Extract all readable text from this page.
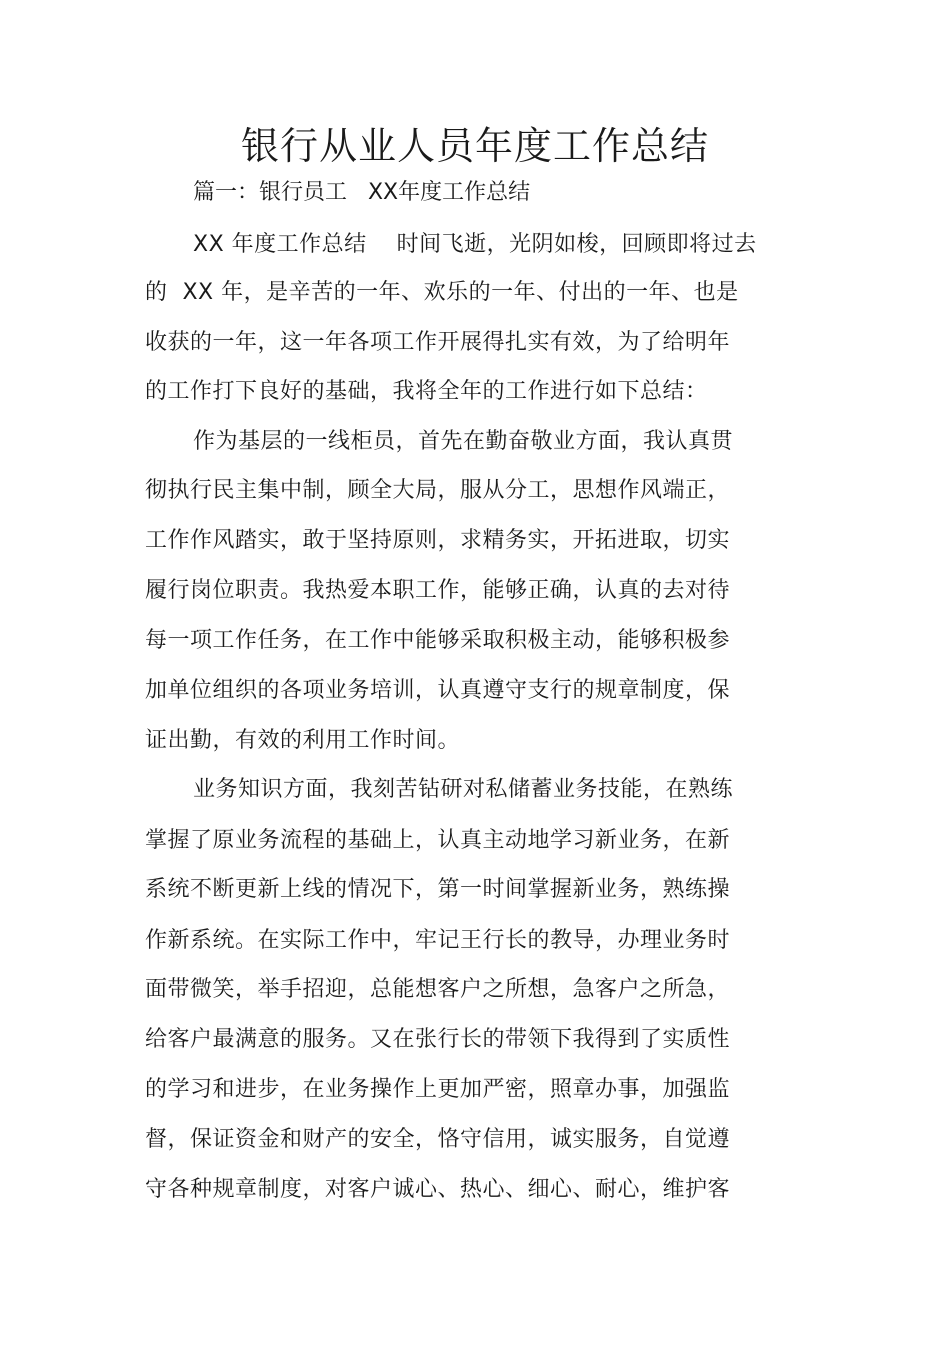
银行从业人员年度工作总结
篇一：银行员工   XX年度工作总结
XX 年度工作总结    时间飞逝，光阴如梭，回顾即将过去
的  XX 年，是辛苦的一年、欢乐的一年、付出的一年、也是
收获的一年，这一年各项工作开展得扎实有效，为了给明年
的工作打下良好的基础，我将全年的工作进行如下总结：
作为基层的一线柜员，首先在勤奋敬业方面，我认真贯
彻执行民主集中制，顾全大局，服从分工，思想作风端正，
工作作风踏实，敢于坚持原则，求精务实，开拓进取，切实
履行岗位职责。我热爱本职工作，能够正确，认真的去对待
每一项工作任务，在工作中能够采取积极主动，能够积极参
加单位组织的各项业务培训，认真遵守支行的规章制度，保
证出勤，有效的利用工作时间。
业务知识方面，我刻苦钻研对私储蓄业务技能，在熟练
掌握了原业务流程的基础上，认真主动地学习新业务，在新
系统不断更新上线的情况下，第一时间掌握新业务，熟练操
作新系统。在实际工作中，牢记王行长的教导，办理业务时
面带微笑，举手招迎，总能想客户之所想，急客户之所急，
给客户最满意的服务。又在张行长的带领下我得到了实质性
的学习和进步，在业务操作上更加严密，照章办事，加强监
督，保证资金和财产的安全，恪守信用，诚实服务，自觉遵
守各种规章制度，对客户诚心、热心、细心、耐心，维护客
